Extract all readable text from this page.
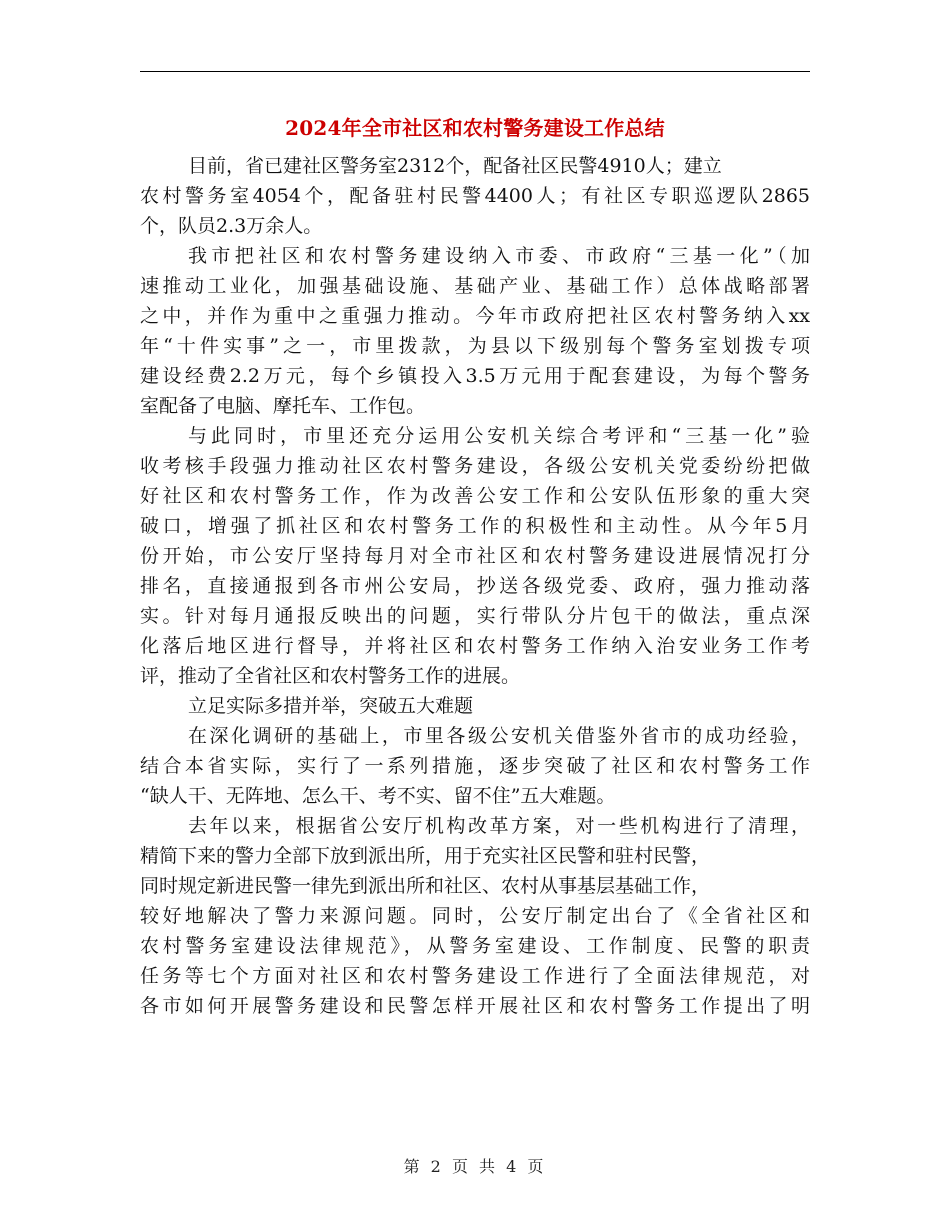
2024年全市社区和农村警务建设工作总结
目前，省已建社区警务室2312个，配备社区民警4910人；建立
农村警务室4054个，配备驻村民警4400人；有社区专职巡逻队2865
个，队员2.3万余人。
我市把社区和农村警务建设纳入市委、市政府“三基一化”（加
速推动工业化，加强基础设施、基础产业、基础工作）总体战略部署
之中，并作为重中之重强力推动。今年市政府把社区农村警务纳入xx
年“十件实事”之一，市里拨款，为县以下级别每个警务室划拨专项
建设经费2.2万元，每个乡镇投入3.5万元用于配套建设，为每个警务
室配备了电脑、摩托车、工作包。
与此同时，市里还充分运用公安机关综合考评和“三基一化”验
收考核手段强力推动社区农村警务建设，各级公安机关党委纷纷把做
好社区和农村警务工作，作为改善公安工作和公安队伍形象的重大突
破口，增强了抓社区和农村警务工作的积极性和主动性。从今年5月
份开始，市公安厅坚持每月对全市社区和农村警务建设进展情况打分
排名，直接通报到各市州公安局，抄送各级党委、政府，强力推动落
实。针对每月通报反映出的问题，实行带队分片包干的做法，重点深
化落后地区进行督导，并将社区和农村警务工作纳入治安业务工作考
评，推动了全省社区和农村警务工作的进展。
立足实际多措并举，突破五大难题
在深化调研的基础上，市里各级公安机关借鉴外省市的成功经验，
结合本省实际，实行了一系列措施，逐步突破了社区和农村警务工作
“缺人干、无阵地、怎么干、考不实、留不住”五大难题。
去年以来，根据省公安厅机构改革方案，对一些机构进行了清理，
精简下来的警力全部下放到派出所，用于充实社区民警和驻村民警，
同时规定新进民警一律先到派出所和社区、农村从事基层基础工作，
较好地解决了警力来源问题。同时，公安厅制定出台了《全省社区和
农村警务室建设法律规范》，从警务室建设、工作制度、民警的职责
任务等七个方面对社区和农村警务建设工作进行了全面法律规范，对
各市如何开展警务建设和民警怎样开展社区和农村警务工作提出了明
第 2 页 共 4 页
